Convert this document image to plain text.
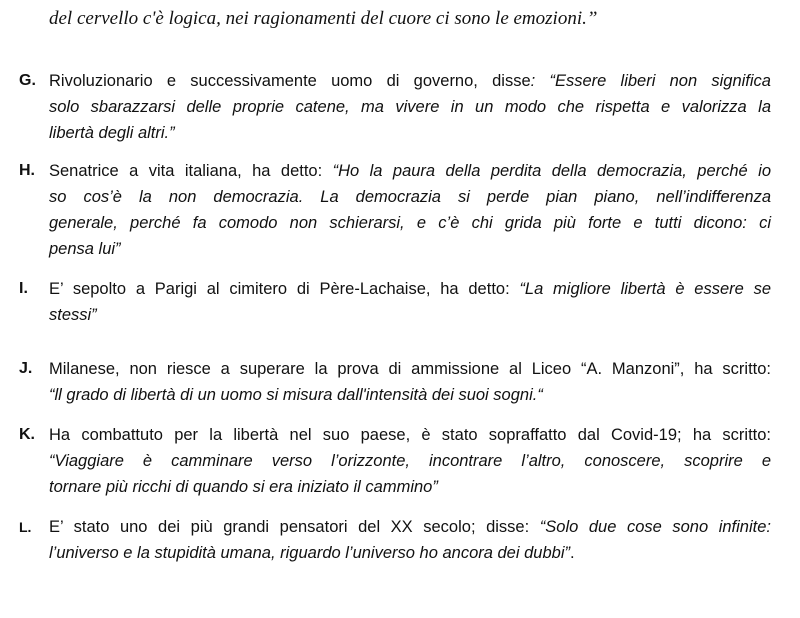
del cervello c'è logica, nei ragionamenti del cuore ci sono le emozioni.”
G. Rivoluzionario e successivamente uomo di governo, disse: “Essere liberi non significa
solo sbarazzarsi delle proprie catene, ma vivere in un modo che rispetta e valorizza la
libertà degli altri.”
H. Senatrice a vita italiana, ha detto: “Ho la paura della perdita della democrazia, perché io
so cos’è la non democrazia. La democrazia si perde pian piano, nell’indifferenza
generale, perché fa comodo non schierarsi, e c’è chi grida più forte e tutti dicono: ci
pensa lui”
I. E’ sepolto a Parigi al cimitero di Père-Lachaise, ha detto: “La migliore libertà è essere se
stessi”
J. Milanese, non riesce a superare la prova di ammissione al Liceo “A. Manzoni”, ha scritto:
“ll grado di libertà di un uomo si misura dall'intensità dei suoi sogni.“
K. Ha combattuto per la libertà nel suo paese, è stato sopraffatto dal Covid-19; ha scritto:
“Viaggiare è camminare verso l’orizzonte, incontrare l’altro, conoscere, scoprire e
tornare più ricchi di quando si era iniziato il cammino”
L. E’ stato uno dei più grandi pensatori del XX secolo; disse: “Solo due cose sono infinite:
l’universo e la stupidità umana, riguardo l’universo ho ancora dei dubbi”.
